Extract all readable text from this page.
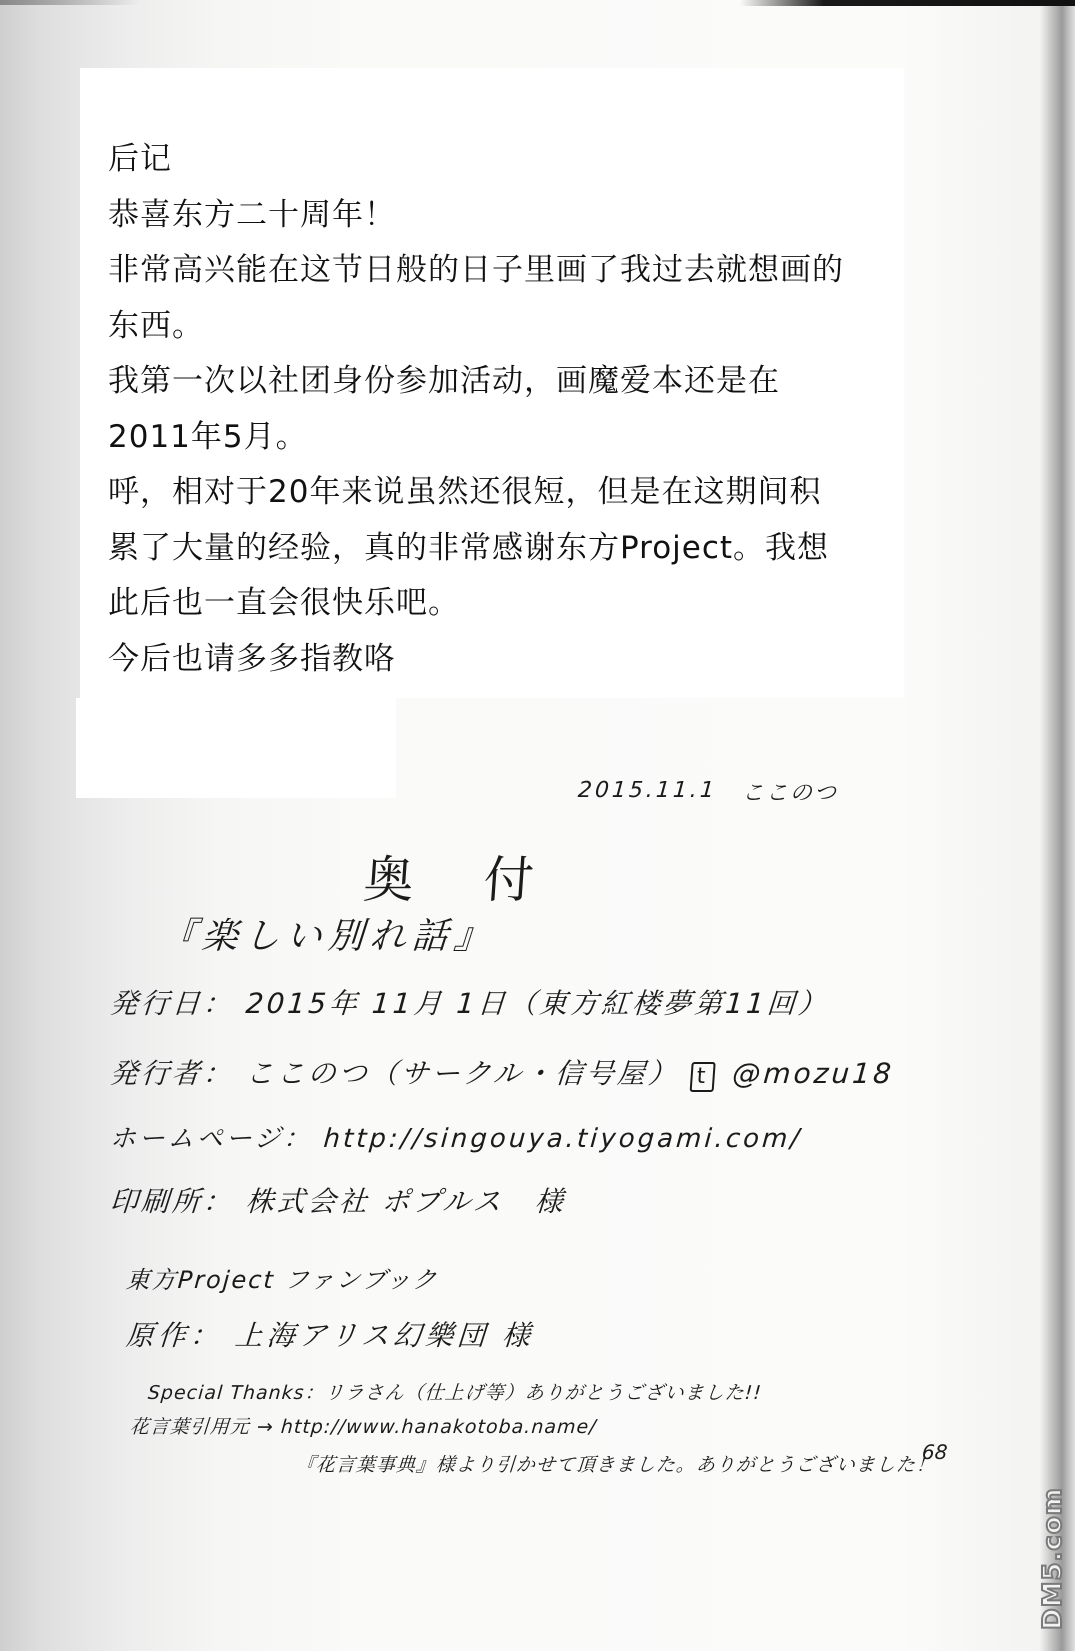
后记
恭喜东方二十周年！
非常高兴能在这节日般的日子里画了我过去就想画的
东西。
我第一次以社团身份参加活动，画魔爱本还是在
2011年5月。
呼，相对于20年来说虽然还很短，但是在这期间积
累了大量的经验，真的非常感谢东方Project。我想
此后也一直会很快乐吧。
今后也请多多指教咯
2015.11.1 ここのつ
奥付
『楽しい別れ話』
発行日： 2015年 11月 1日（東方紅楼夢第11回）
発行者： ここのつ（サークル・信号屋） t @mozu18
ホームページ： http://singouya.tiyogami.com/
印刷所： 株式会社 ポプルス　様
東方Project ファンブック
原作： 上海アリス幻樂団 様
Special Thanks：リラさん（仕上げ等）ありがとうございました!!
花言葉引用元 → http://www.hanakotoba.name/
『花言葉事典』様より引かせて頂きました。ありがとうございました！
68
DM5.com
